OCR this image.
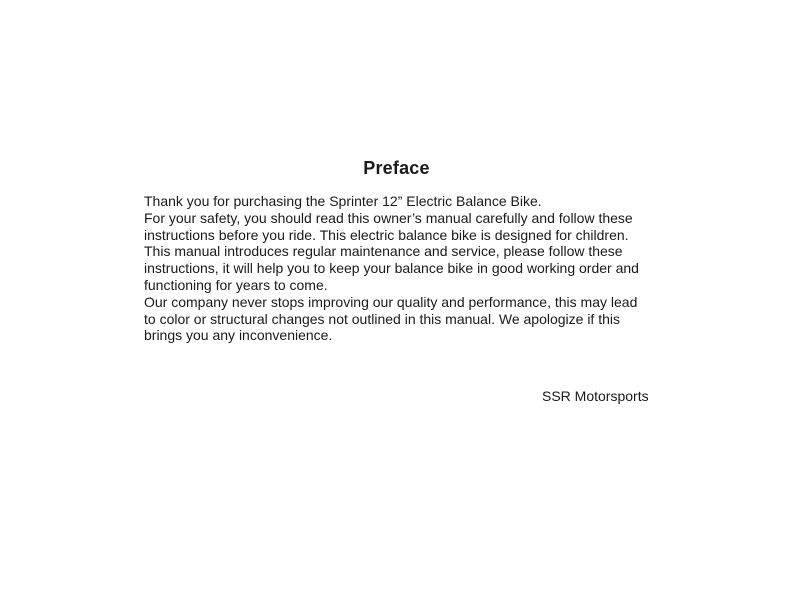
Preface
Thank you for purchasing the Sprinter 12” Electric Balance Bike.
For your safety, you should read this owner’s manual carefully and follow these
instructions before you ride. This electric balance bike is designed for children.
This manual introduces regular maintenance and service, please follow these
instructions, it will help you to keep your balance bike in good working order and
functioning for years to come.
Our company never stops improving our quality and performance, this may lead
to color or structural changes not outlined in this manual. We apologize if this
brings you any inconvenience.
SSR Motorsports
